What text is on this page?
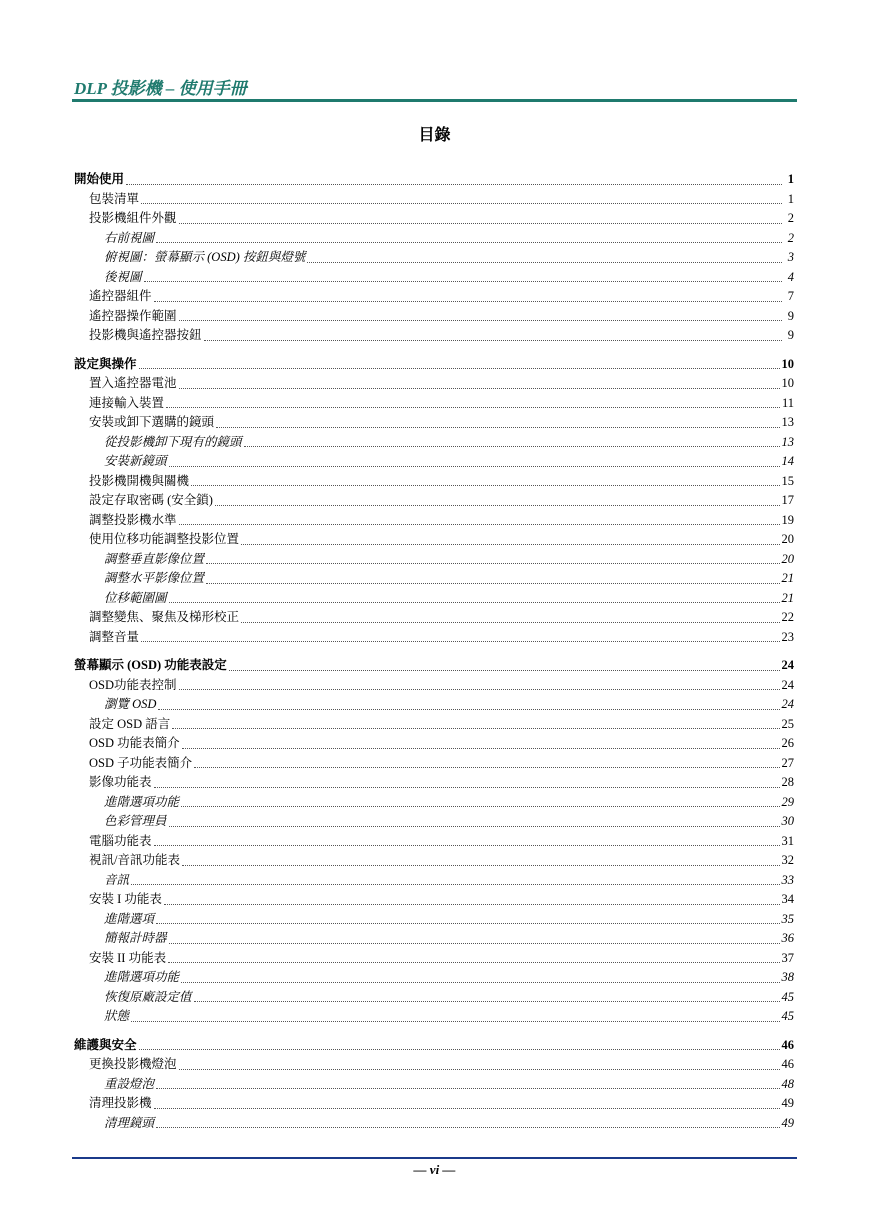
DLP 投影機 – 使用手冊
目錄
開始使用	1
包裝清單	1
投影機組件外觀	2
右前視圖	2
俯視圖：螢幕顯示 (OSD) 按鈕與燈號	3
後視圖	4
遙控器組件	7
遙控器操作範圍	9
投影機與遙控器按鈕	9
設定與操作	10
置入遙控器電池	10
連接輸入裝置	11
安裝或卸下選購的鏡頭	13
從投影機卸下現有的鏡頭	13
安裝新鏡頭	14
投影機開機與關機	15
設定存取密碼 (安全鎖)	17
調整投影機水準	19
使用位移功能調整投影位置	20
調整垂直影像位置	20
調整水平影像位置	21
位移範圍圖	21
調整變焦、聚焦及梯形校正	22
調整音量	23
螢幕顯示 (OSD) 功能表設定	24
OSD功能表控制	24
瀏覽 OSD	24
設定 OSD 語言	25
OSD 功能表簡介	26
OSD 子功能表簡介	27
影像功能表	28
進階選項功能	29
色彩管理員	30
電腦功能表	31
視訊/音訊功能表	32
音訊	33
安裝 I 功能表	34
進階選項	35
簡報計時器	36
安裝 II 功能表	37
進階選項功能	38
恢復原廠設定值	45
狀態	45
維護與安全	46
更換投影機燈泡	46
重設燈泡	48
清理投影機	49
清理鏡頭	49
— vi —
